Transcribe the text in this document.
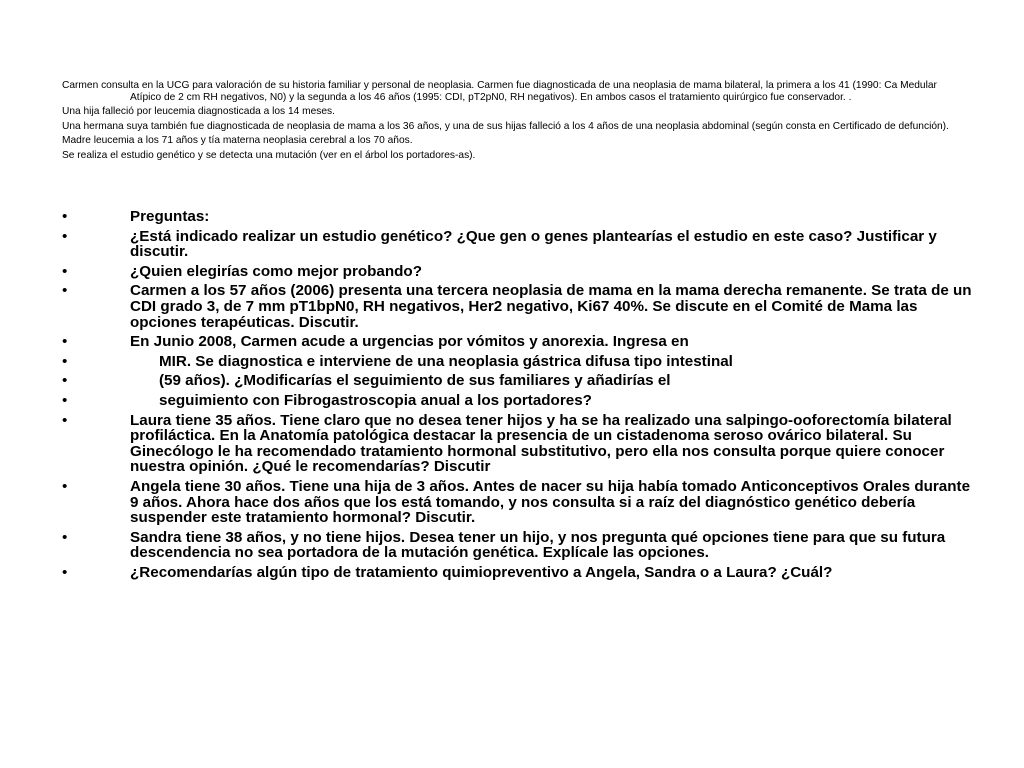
Carmen consulta en la UCG para valoración de su historia familiar y personal de neoplasia. Carmen fue diagnosticada de una neoplasia de mama bilateral, la primera a los 41 (1990: Ca Medular Atípico de 2 cm RH negativos, N0) y la segunda a los 46 años (1995: CDI, pT2pN0, RH negativos). En ambos casos el tratamiento quirúrgico fue conservador. .

Una hija falleció por leucemia diagnosticada a los 14 meses.

Una hermana suya también fue diagnosticada de neoplasia de mama a los 36 años, y una de sus hijas falleció a los 4 años de una neoplasia abdominal (según consta en Certificado de defunción).

Madre leucemia a los 71 años y tía materna neoplasia cerebral a los 70 años.

Se realiza el estudio genético y se detecta una mutación (ver en el árbol los portadores-as).

•	Preguntas:
•	¿Está indicado realizar un estudio genético? ¿Que gen o genes plantearías el estudio en este caso? Justificar y discutir.
•	¿Quien elegirías como mejor probando?
•	Carmen a los 57 años (2006) presenta una tercera neoplasia de mama en la mama derecha remanente. Se trata de un CDI grado 3, de 7 mm pT1bpN0, RH negativos, Her2 negativo, Ki67 40%. Se discute en el Comité de Mama las opciones terapéuticas. Discutir.
•	En Junio 2008, Carmen acude a urgencias por vómitos y anorexia. Ingresa en
•	MIR. Se diagnostica e interviene de una neoplasia gástrica difusa tipo intestinal
•	(59 años). ¿Modificarías el seguimiento de sus familiares y añadirías el
•	seguimiento con Fibrogastroscopia anual a los portadores?
•	Laura tiene 35 años. Tiene claro que no desea tener hijos y ha se ha realizado una salpingo-ooforectomía bilateral profiláctica. En la Anatomía patológica destacar la presencia de un cistadenoma seroso ovárico bilateral. Su Ginecólogo le ha recomendado tratamiento hormonal substitutivo, pero ella nos consulta porque quiere conocer nuestra opinión. ¿Qué le recomendarías? Discutir
•	Angela tiene 30 años. Tiene una hija de 3 años. Antes de nacer su hija había tomado Anticonceptivos Orales durante 9 años. Ahora hace dos años que los está tomando, y nos consulta si a raíz del diagnóstico genético debería suspender este tratamiento hormonal? Discutir.
•	Sandra tiene 38 años, y no tiene hijos. Desea tener un hijo, y nos pregunta qué opciones tiene para que su futura descendencia no sea portadora de la mutación genética. Explícale las opciones.
•	¿Recomendarías algún tipo de tratamiento quimiopreventivo a Angela, Sandra o a Laura? ¿Cuál?
